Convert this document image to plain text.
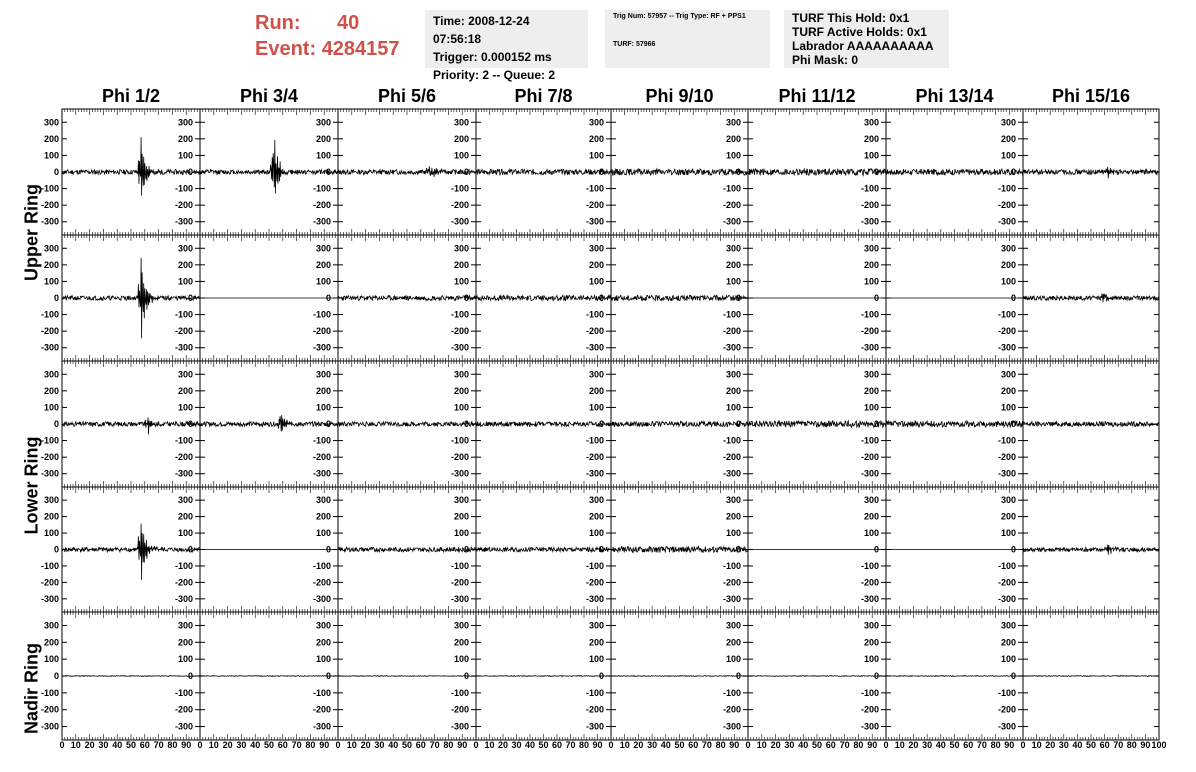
Run: 40
Event: 4284157
Time: 2008-12-24 07:56:18
Trigger: 0.000152 ms
Priority: 2 -- Queue: 2
Trig Num: 57957 -- Trig Type: RF + PPS1
TURF: 57966
TURF This Hold: 0x1
TURF Active Holds: 0x1
Labrador AAAAAAAAAA
Phi Mask: 0
Phi 1/2	Phi 3/4	Phi 5/6	Phi 7/8	Phi 9/10	Phi 11/12	Phi 13/14	Phi 15/16
Upper Ring
Lower Ring
Nadir Ring
-300	-300
-200	-200
-100	-100
0	0
100	100
200	200
300	300
-300
-200
-100
0
100
200
300
-300
-200
-100
0
100
200
300
-300
-200
-100
0
100
200
300
-300
-200
-100
0
100
200
300
-300
-200
-100
0
100
200
300
-300
-200
-100
0
100
200
300
-300	-300
-200	-200
-100	-100
0	0
100	100
200	200
300	300
-300
-200
-100
0
100
200
300
-300
-200
-100
0
100
200
300
-300
-200
-100
0
100
200
300
-300
-200
-100
0
100
200
300
-300
-200
-100
0
100
200
300
-300
-200
-100
0
100
200
300
-300	-300
-200	-200
-100	-100
0	0
100	100
200	200
300	300
-300
-200
-100
0
100
200
300
-300
-200
-100
0
100
200
300
-300
-200
-100
0
100
200
300
-300
-200
-100
0
100
200
300
-300
-200
-100
0
100
200
300
-300
-200
-100
0
100
200
300
-300	-300
-200	-200
-100	-100
0	0
100	100
200	200
300	300
-300
-200
-100
0
100
200
300
-300
-200
-100
0
100
200
300
-300
-200
-100
0
100
200
300
-300
-200
-100
0
100
200
300
-300
-200
-100
0
100
200
300
-300
-200
-100
0
100
200
300
-300	-300
-200	-200
-100	-100
0	0
100	100
200	200
300	300
-300
-200
-100
0
100
200
300
-300
-200
-100
0
100
200
300
-300
-200
-100
0
100
200
300
-300
-200
-100
0
100
200
300
-300
-200
-100
0
100
200
300
-300
-200
-100
0
100
200
300
0 10 20 30 40 50 60 70 80 90 0 10 20 30 40 50 60 70 80 90 0 10 20 30 40 50 60 70 80 90 0 10 20 30 40 50 60 70 80 90 0 10 20 30 40 50 60 70 80 90 0 10 20 30 40 50 60 70 80 90 0 10 20 30 40 50 60 70 80 90 0 10 20 30 40 50 60 70 80 90 100
